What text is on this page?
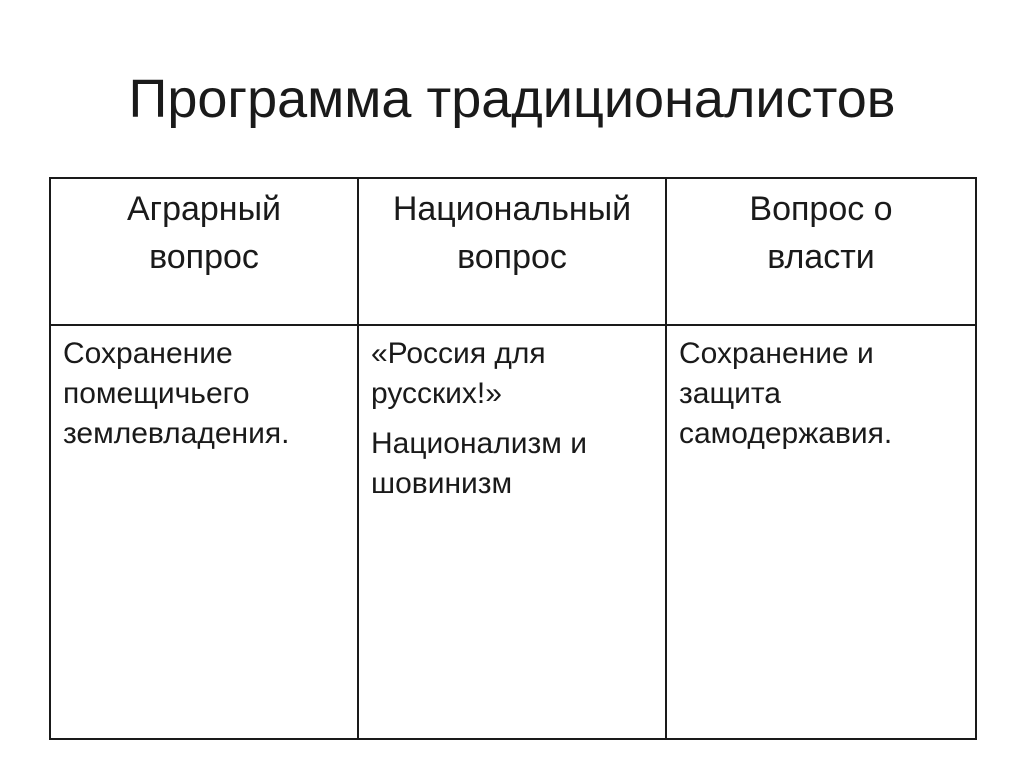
Программа традиционалистов
Аграрный
вопрос	Национальный
вопрос	Вопрос о
власти

Сохранение
помещичьего
землевладения.	«Россия для
русских!»
Национализм и
шовинизм	Сохранение и
защита
самодержавия.
